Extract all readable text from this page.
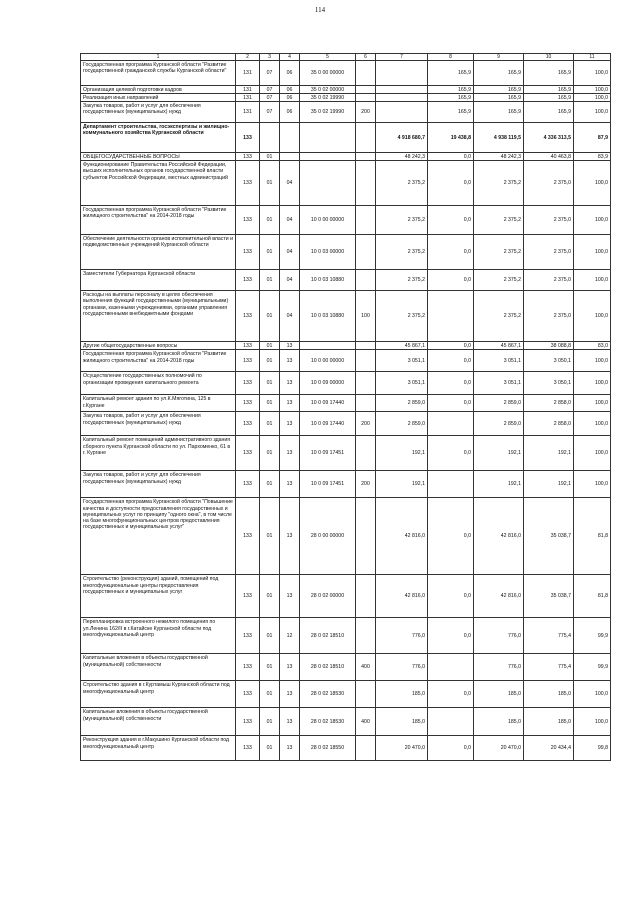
114
1	2	3	4	5	6	7	8	9	10	11
Государственная программа Курганской области "Развитие государственной гражданской службы Курганской области"	131	07	06	35 0 00 00000			165,9	165,9	165,9	100,0
Организация целевой подготовки кадров	131	07	06	35 0 02 00000			165,9	165,9	165,9	100,0
Реализация иных направлений	131	07	06	35 0 02 19990			165,9	165,9	165,9	100,0
Закупка товаров, работ и услуг для обеспечения государственных (муниципальных) нужд	131	07	06	35 0 02 19990	200		165,9	165,9	165,9	100,0
Департамент строительства, госэкспертизы и жилищно-коммунального хозяйства Курганской области	133					4 918 680,7	19 438,8	4 938 119,5	4 336 313,5	87,9
ОБЩЕГОСУДАРСТВЕННЫЕ ВОПРОСЫ	133	01				48 242,3	0,0	48 242,3	40 463,8	83,9
Функционирование Правительства Российской Федерации, высших исполнительных органов государственной власти субъектов Российской Федерации, местных администраций	133	01	04			2 375,2	0,0	2 375,2	2 375,0	100,0
Государственная программа Курганской области "Развитие жилищного строительства" на 2014-2018 годы	133	01	04	10 0 00 00000		2 375,2	0,0	2 375,2	2 375,0	100,0
Обеспечение деятельности органов исполнительной власти и подведомственных учреждений Курганской области	133	01	04	10 0 03 00000		2 375,2	0,0	2 375,2	2 375,0	100,0
Заместители Губернатора Курганской области	133	01	04	10 0 03 10880		2 375,2	0,0	2 375,2	2 375,0	100,0
Расходы на выплаты персоналу в целях обеспечения выполнения функций государственными (муниципальными) органами, казенными учреждениями, органами управления государственными внебюджетными фондами	133	01	04	10 0 03 10880	100	2 375,2		2 375,2	2 375,0	100,0
Другие общегосударственные вопросы	133	01	13			45 867,1	0,0	45 867,1	38 088,8	83,0
Государственная программа Курганской области "Развитие жилищного строительства" на 2014-2018 годы	133	01	13	10 0 00 00000		3 051,1	0,0	3 051,1	3 050,1	100,0
Осуществление государственных полномочий по организации проведения капитального ремонта	133	01	13	10 0 09 00000		3 051,1	0,0	3 051,1	3 050,1	100,0
Капитальный ремонт здания по ул.К.Мяготина, 125 в г.Кургане	133	01	13	10 0 09 17440		2 859,0	0,0	2 859,0	2 858,0	100,0
Закупка товаров, работ и услуг для обеспечения государственных (муниципальных) нужд	133	01	13	10 0 09 17440	200	2 859,0		2 859,0	2 858,0	100,0
Капитальный ремонт помещений административного здания сборного пункта Курганской области по ул. Пархоменко, 61 в г. Кургане	133	01	13	10 0 09 17451		192,1	0,0	192,1	192,1	100,0
Закупка товаров, работ и услуг для обеспечения государственных (муниципальных) нужд	133	01	13	10 0 09 17451	200	192,1		192,1	192,1	100,0
Государственная программа Курганской области "Повышение качества и доступности предоставления государственных и муниципальных услуг по принципу "одного окна", в том числе на базе многофункциональных центров предоставления государственных и муниципальных услуг"	133	01	13	28 0 00 00000		42 816,0	0,0	42 816,0	35 038,7	81,8
Строительство (реконструкция) зданий, помещений под многофункциональные центры предоставления государственных и муниципальных услуг	133	01	13	28 0 02 00000		42 816,0	0,0	42 816,0	35 038,7	81,8
Перепланировка встроенного нежилого помещения по ул.Ленина 162/II в г.Катайске Курганской области под многофункциональный центр	133	01	12	28 0 02 18510		776,0	0,0	776,0	775,4	99,9
Капитальные вложения в объекты государственной (муниципальной) собственности	133	01	13	28 0 02 18510	400	776,0		776,0	775,4	99,9
Строительство здания в г.Куртамыш Курганской области под многофункциональный центр	133	01	13	28 0 02 18530		185,0	0,0	185,0	185,0	100,0
Капитальные вложения в объекты государственной (муниципальной) собственности	133	01	13	28 0 02 18530	400	185,0		185,0	185,0	100,0
Реконструкция здания в г.Макушино Курганской области под многофункциональный центр	133	01	13	28 0 02 18550		20 470,0	0,0	20 470,0	20 434,4	99,8
